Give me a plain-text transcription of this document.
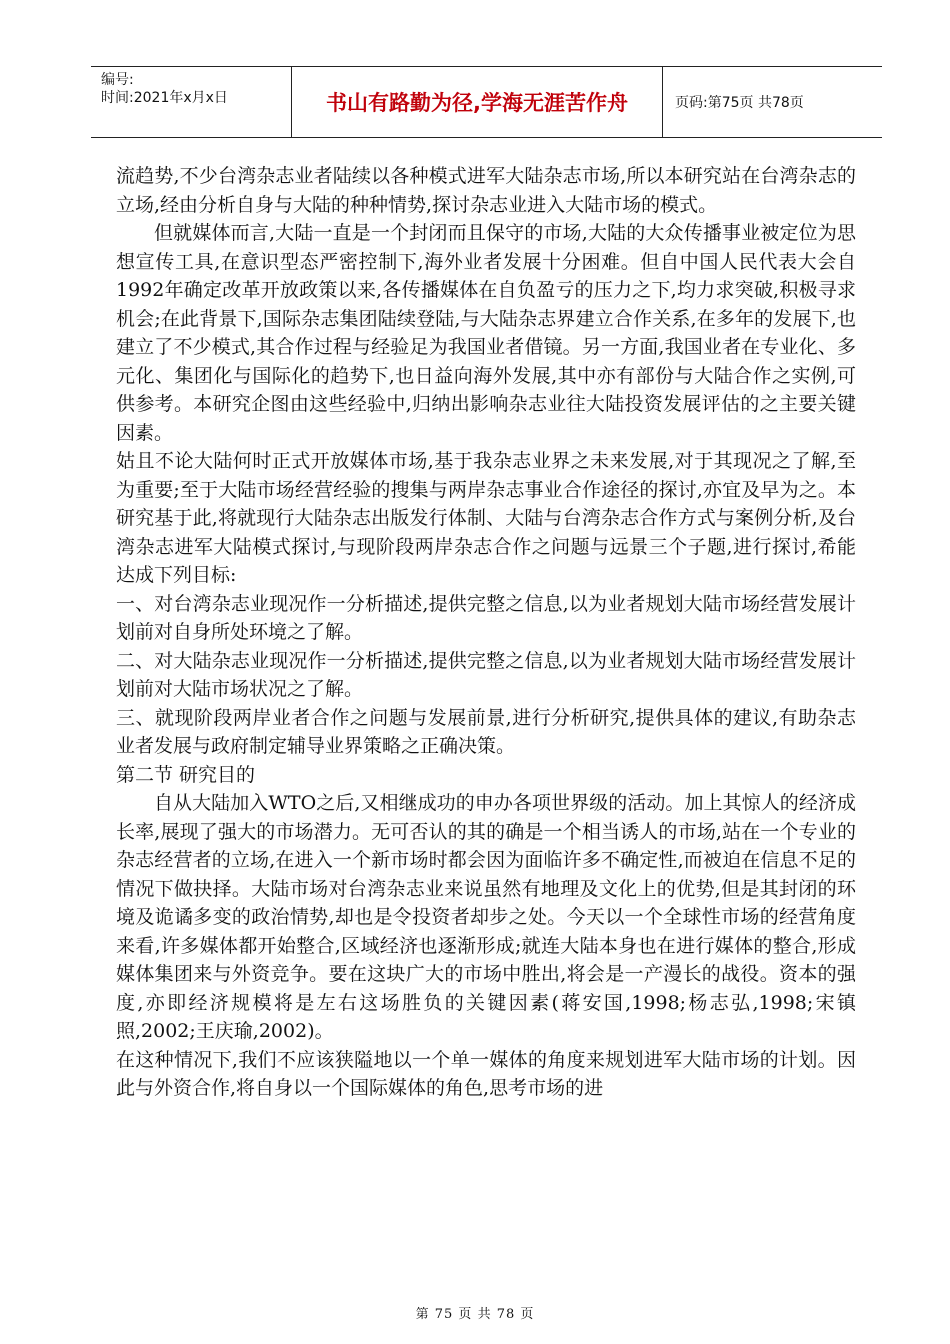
编号:
时间:2021年x月x日	书山有路勤为径,学海无涯苦作舟	页码:第75页 共78页

流趋势,不少台湾杂志业者陆续以各种模式进军大陆杂志市场,所以本研究站在台湾杂志的立场,经由分析自身与大陆的种种情势,探讨杂志业进入大陆市场的模式。

但就媒体而言,大陆一直是一个封闭而且保守的市场,大陆的大众传播事业被定位为思想宣传工具,在意识型态严密控制下,海外业者发展十分困难。但自中国人民代表大会自1992年确定改革开放政策以来,各传播媒体在自负盈亏的压力之下,均力求突破,积极寻求机会;在此背景下,国际杂志集团陆续登陆,与大陆杂志界建立合作关系,在多年的发展下,也建立了不少模式,其合作过程与经验足为我国业者借镜。另一方面,我国业者在专业化、多元化、集团化与国际化的趋势下,也日益向海外发展,其中亦有部份与大陆合作之实例,可供参考。本研究企图由这些经验中,归纳出影响杂志业往大陆投资发展评估的之主要关键因素。

姑且不论大陆何时正式开放媒体市场,基于我杂志业界之未来发展,对于其现况之了解,至为重要;至于大陆市场经营经验的搜集与两岸杂志事业合作途径的探讨,亦宜及早为之。本研究基于此,将就现行大陆杂志出版发行体制、大陆与台湾杂志合作方式与案例分析,及台湾杂志进军大陆模式探讨,与现阶段两岸杂志合作之问题与远景三个子题,进行探讨,希能达成下列目标:

一、对台湾杂志业现况作一分析描述,提供完整之信息,以为业者规划大陆市场经营发展计划前对自身所处环境之了解。

二、对大陆杂志业现况作一分析描述,提供完整之信息,以为业者规划大陆市场经营发展计划前对大陆市场状况之了解。

三、就现阶段两岸业者合作之问题与发展前景,进行分析研究,提供具体的建议,有助杂志业者发展与政府制定辅导业界策略之正确决策。

第二节 研究目的

自从大陆加入WTO之后,又相继成功的申办各项世界级的活动。加上其惊人的经济成长率,展现了强大的市场潜力。无可否认的其的确是一个相当诱人的市场,站在一个专业的杂志经营者的立场,在进入一个新市场时都会因为面临许多不确定性,而被迫在信息不足的情况下做抉择。大陆市场对台湾杂志业来说虽然有地理及文化上的优势,但是其封闭的环境及诡谲多变的政治情势,却也是令投资者却步之处。今天以一个全球性市场的经营角度来看,许多媒体都开始整合,区域经济也逐渐形成;就连大陆本身也在进行媒体的整合,形成媒体集团来与外资竞争。要在这块广大的市场中胜出,将会是一产漫长的战役。资本的强度,亦即经济规模将是左右这场胜负的关键因素(蒋安国,1998;杨志弘,1998;宋镇照,2002;王庆瑜,2002)。

在这种情况下,我们不应该狭隘地以一个单一媒体的角度来规划进军大陆市场的计划。因此与外资合作,将自身以一个国际媒体的角色,思考市场的进

第 75 页 共 78 页
